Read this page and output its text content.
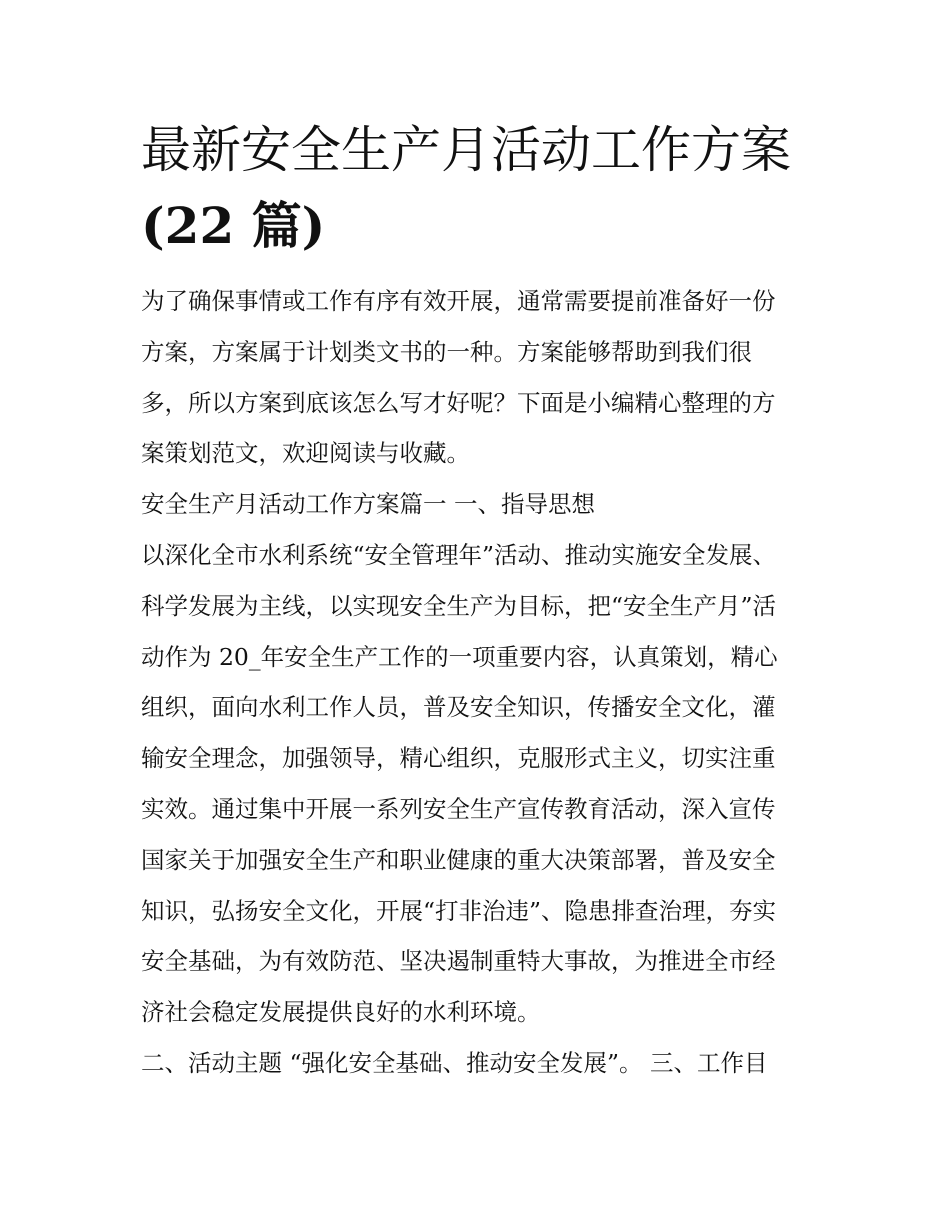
最新安全生产月活动工作方案
(22 篇)
为了确保事情或工作有序有效开展，通常需要提前准备好一份
方案，方案属于计划类文书的一种。方案能够帮助到我们很
多，所以方案到底该怎么写才好呢？下面是小编精心整理的方
案策划范文，欢迎阅读与收藏。
安全生产月活动工作方案篇一 一、指导思想
以深化全市水利系统“安全管理年”活动、推动实施安全发展、
科学发展为主线，以实现安全生产为目标，把“安全生产月”活
动作为 20_年安全生产工作的一项重要内容，认真策划，精心
组织，面向水利工作人员，普及安全知识，传播安全文化，灌
输安全理念，加强领导，精心组织，克服形式主义，切实注重
实效。通过集中开展一系列安全生产宣传教育活动，深入宣传
国家关于加强安全生产和职业健康的重大决策部署，普及安全
知识，弘扬安全文化，开展“打非治违”、隐患排查治理，夯实
安全基础，为有效防范、坚决遏制重特大事故，为推进全市经
济社会稳定发展提供良好的水利环境。
二、活动主题 “强化安全基础、推动安全发展”。 三、工作目
